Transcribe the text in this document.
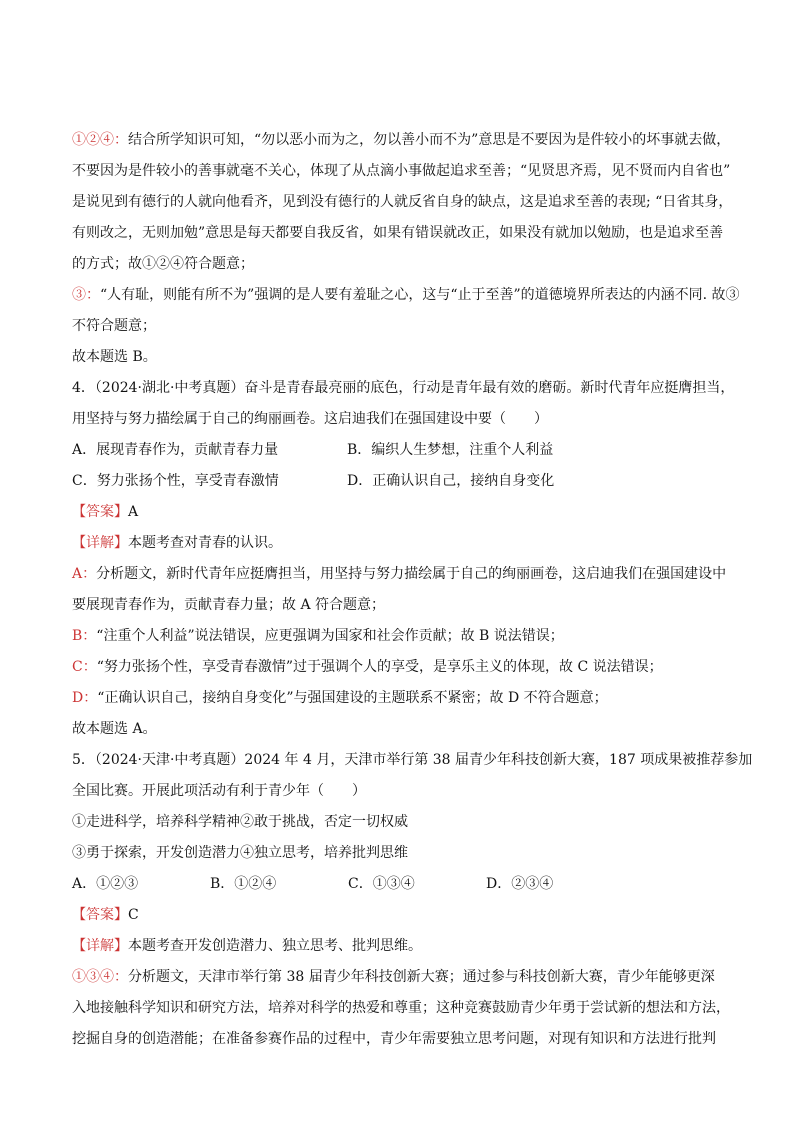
①②④：结合所学知识可知，“勿以恶小而为之，勿以善小而不为”意思是不要因为是件较小的坏事就去做，
不要因为是件较小的善事就毫不关心，体现了从点滴小事做起追求至善；“见贤思齐焉，见不贤而内自省也”
是说见到有德行的人就向他看齐，见到没有德行的人就反省自身的缺点，这是追求至善的表现; “日省其身，
有则改之，无则加勉”意思是每天都要自我反省，如果有错误就改正，如果没有就加以勉励，也是追求至善
的方式；故①②④符合题意；
③：“人有耻，则能有所不为”强调的是人要有羞耻之心，这与“止于至善”的道德境界所表达的内涵不同. 故③
不符合题意；
故本题选 B。
4．（2024·湖北·中考真题）奋斗是青春最亮丽的底色，行动是青年最有效的磨砺。新时代青年应挺膺担当，
用坚持与努力描绘属于自己的绚丽画卷。这启迪我们在强国建设中要（　　）
A．展现青春作为，贡献青春力量	B．编织人生梦想，注重个人利益
C．努力张扬个性，享受青春激情	D．正确认识自己，接纳自身变化
【答案】A
【详解】本题考查对青春的认识。
A：分析题文，新时代青年应挺膺担当，用坚持与努力描绘属于自己的绚丽画卷，这启迪我们在强国建设中
要展现青春作为，贡献青春力量；故 A 符合题意；
B：“注重个人利益”说法错误，应更强调为国家和社会作贡献；故 B 说法错误；
C：“努力张扬个性，享受青春激情”过于强调个人的享受，是享乐主义的体现，故 C 说法错误；
D：“正确认识自己，接纳自身变化”与强国建设的主题联系不紧密；故 D 不符合题意；
故本题选 A。
5．（2024·天津·中考真题）2024 年 4 月，天津市举行第 38 届青少年科技创新大赛，187 项成果被推荐参加
全国比赛。开展此项活动有利于青少年（　　）
①走进科学，培养科学精神②敢于挑战，否定一切权威
③勇于探索，开发创造潜力④独立思考，培养批判思维
A．①②③	B．①②④	C．①③④	D．②③④
【答案】C
【详解】本题考查开发创造潜力、独立思考、批判思维。
①③④：分析题文，天津市举行第 38 届青少年科技创新大赛；通过参与科技创新大赛，青少年能够更深
入地接触科学知识和研究方法，培养对科学的热爱和尊重；这种竞赛鼓励青少年勇于尝试新的想法和方法，
挖掘自身的创造潜能；在准备参赛作品的过程中，青少年需要独立思考问题，对现有知识和方法进行批判
